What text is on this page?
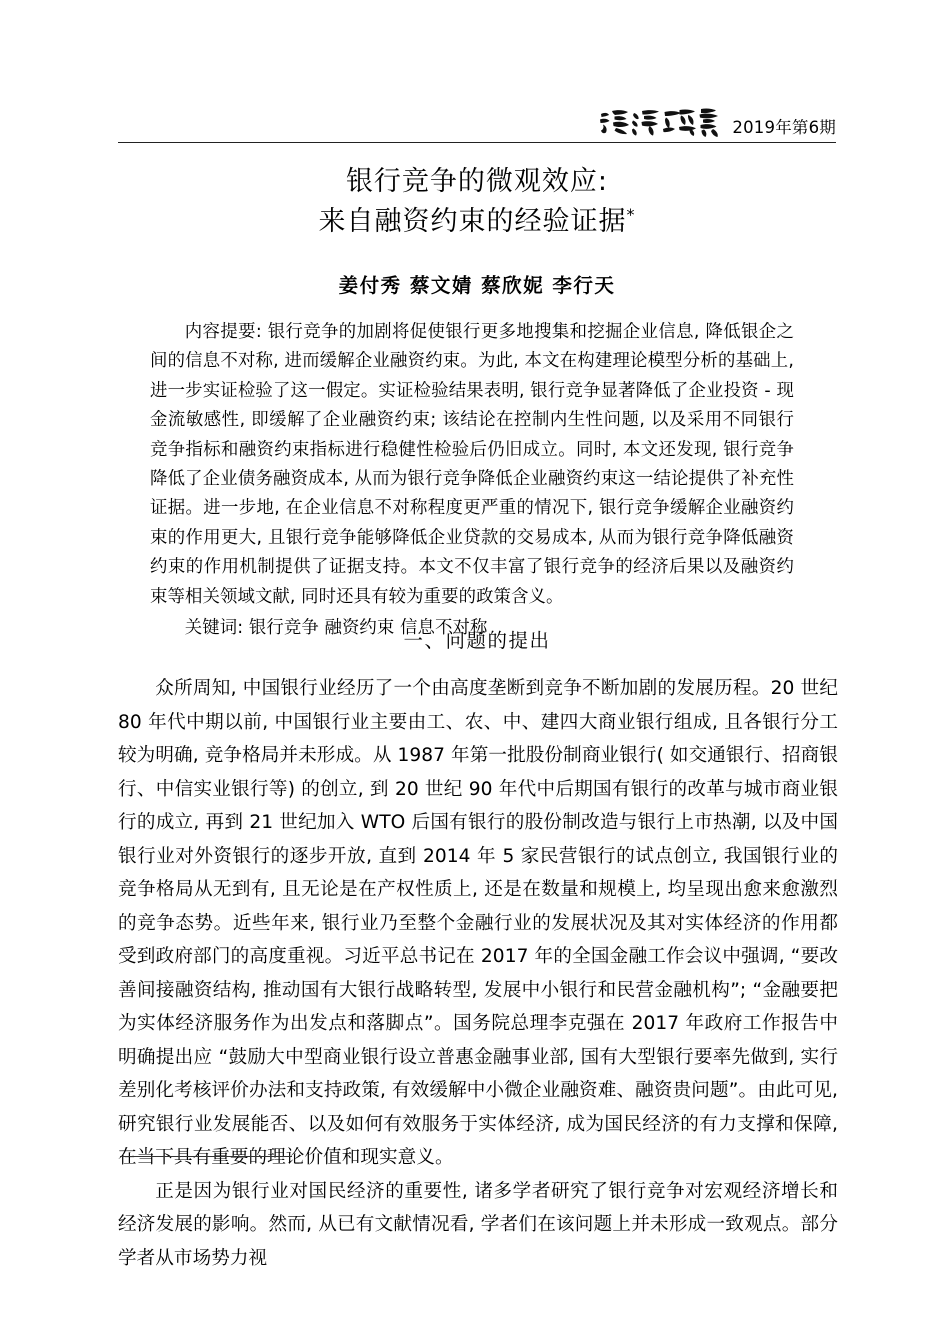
2019年第6期
银行竞争的微观效应:
来自融资约束的经验证据*

姜付秀 蔡文婧 蔡欣妮 李行天

内容提要: 银行竞争的加剧将促使银行更多地搜集和挖掘企业信息, 降低银企之间的信息不对称, 进而缓解企业融资约束。为此, 本文在构建理论模型分析的基础上, 进一步实证检验了这一假定。实证检验结果表明, 银行竞争显著降低了企业投资 - 现金流敏感性, 即缓解了企业融资约束; 该结论在控制内生性问题, 以及采用不同银行竞争指标和融资约束指标进行稳健性检验后仍旧成立。同时, 本文还发现, 银行竞争降低了企业债务融资成本, 从而为银行竞争降低企业融资约束这一结论提供了补充性证据。进一步地, 在企业信息不对称程度更严重的情况下, 银行竞争缓解企业融资约束的作用更大, 且银行竞争能够降低企业贷款的交易成本, 从而为银行竞争降低融资约束的作用机制提供了证据支持。本文不仅丰富了银行竞争的经济后果以及融资约束等相关领域文献, 同时还具有较为重要的政策含义。

关键词: 银行竞争 融资约束 信息不对称

一、问题的提出

众所周知, 中国银行业经历了一个由高度垄断到竞争不断加剧的发展历程。20 世纪 80 年代中期以前, 中国银行业主要由工、农、中、建四大商业银行组成, 且各银行分工较为明确, 竞争格局并未形成。从 1987 年第一批股份制商业银行( 如交通银行、招商银行、中信实业银行等) 的创立, 到 20 世纪 90 年代中后期国有银行的改革与城市商业银行的成立, 再到 21 世纪加入 WTO 后国有银行的股份制改造与银行上市热潮, 以及中国银行业对外资银行的逐步开放, 直到 2014 年 5 家民营银行的试点创立, 我国银行业的竞争格局从无到有, 且无论是在产权性质上, 还是在数量和规模上, 均呈现出愈来愈激烈的竞争态势。近些年来, 银行业乃至整个金融行业的发展状况及其对实体经济的作用都受到政府部门的高度重视。习近平总书记在 2017 年的全国金融工作会议中强调, “要改善间接融资结构, 推动国有大银行战略转型, 发展中小银行和民营金融机构”; “金融要把为实体经济服务作为出发点和落脚点”。国务院总理李克强在 2017 年政府工作报告中明确提出应 “鼓励大中型商业银行设立普惠金融事业部, 国有大型银行要率先做到, 实行差别化考核评价办法和支持政策, 有效缓解中小微企业融资难、融资贵问题”。由此可见, 研究银行业发展能否、以及如何有效服务于实体经济, 成为国民经济的有力支撑和保障, 在当下具有重要的理论价值和现实意义。

正是因为银行业对国民经济的重要性, 诸多学者研究了银行竞争对宏观经济增长和经济发展的影响。然而, 从已有文献情况看, 学者们在该问题上并未形成一致观点。部分学者从市场势力视
